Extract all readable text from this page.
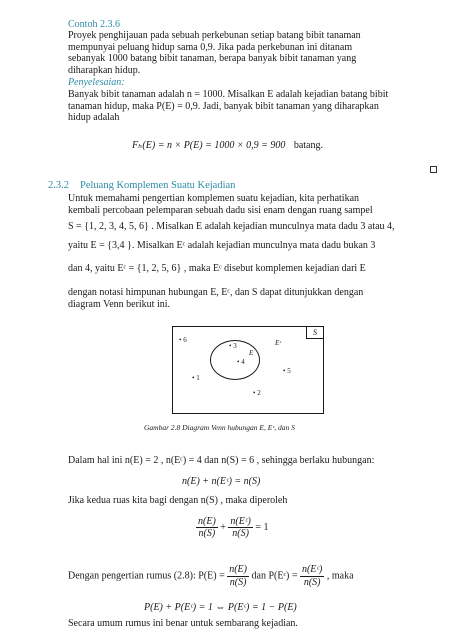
Contoh 2.3.6
Proyek penghijauan pada sebuah perkebunan setiap batang bibit tanaman
mempunyai peluang hidup sama 0,9. Jika pada perkebunan ini ditanam
sebanyak 1000 batang bibit tanaman, berapa banyak bibit tanaman yang
diharapkan hidup.
Penyelesaian:
Banyak bibit tanaman adalah n = 1000. Misalkan E adalah kejadian batang bibit
tanaman hidup, maka P(E) = 0,9. Jadi, banyak bibit tanaman yang diharapkan
hidup adalah
Fₕ(E) = n × P(E) = 1000 × 0,9 = 900 batang.
2.3.2 Peluang Komplemen Suatu Kejadian
Untuk memahami pengertian komplemen suatu kejadian, kita perhatikan
kembali percobaan pelemparan sebuah dadu sisi enam dengan ruang sampel
S = {1, 2, 3, 4, 5, 6} . Misalkan E adalah kejadian munculnya mata dadu 3 atau 4,
yaitu E = {3,4 }. Misalkan Eᶜ adalah kejadian munculnya mata dadu bukan 3
dan 4, yaitu Eᶜ = {1, 2, 5, 6} , maka Eᶜ disebut komplemen kejadian dari E
dengan notasi himpunan hubungan E, Eᶜ, dan S dapat ditunjukkan dengan
diagram Venn berikut ini.
S
Eᶜ
E
• 6
• 3
• 4
• 5
• 1
• 2
Gambar 2.8 Diagram Venn hubungan E, Eᶜ, dan S
Dalam hal ini n(E) = 2 , n(Eᶜ) = 4 dan n(S) = 6 , sehingga berlaku hubungan:
n(E) + n(Eᶜ) = n(S)
Jika kedua ruas kita bagi dengan n(S) , maka diperoleh
$\frac{n(E)}{n(S)} + \frac{\text{n(Eᶜ)}}{n(S)} = 1$
Dengan pengertian rumus (2.8): $P(E) = \frac{n(E)}{n(S)}$ dan P(Eᶜ) = $\frac{\text{n(Eᶜ)}}{n(S)}$ , maka
P(E) + P(Eᶜ) = 1 ⇔ P(Eᶜ) = 1 − P(E)
Secara umum rumus ini benar untuk sembarang kejadian.
